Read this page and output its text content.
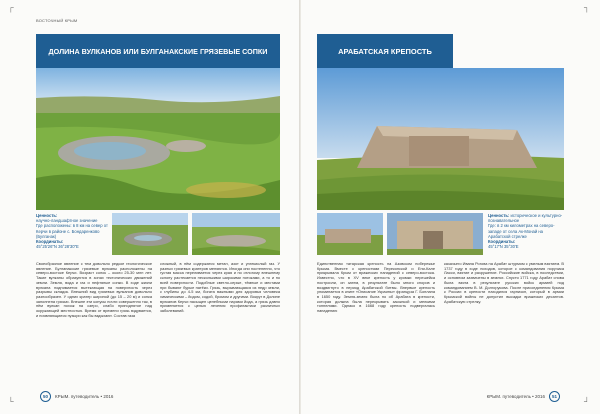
┌
└
ВОСТОЧНЫЙ КРЫМ
ДОЛИНА ВУЛКАНОВ ИЛИ БУЛГАНАКСКИЕ ГРЯЗЕВЫЕ СОПКИ
Ценность:
научно-ландшафтное значение
Где расположены: в 8 км на север от Керчи в районе с. Бондаренково (Булганак)
Координаты:
45°25'26"N 36°28'30"E
Своеобразное явление с тем довольно редкое геологическое явление. Булганакские грязевые вулканы расположены на северо-востоке Керчи. Возраст сопок – около 25-30 млн лет. Такие вулканы образуются в зонах тектонических движений земли. Земля, вода и газ и нефтяные сопки. В ходе жизни вулкана поднимается вытекающая на поверхность через разрывы складок. Внешний вид грязевых вулканов довольно разнообразен. У одних кратер шириной (до 15 – 20 м) и сопка заполнена грязью. Внешне эти конусы почти совершенно так, в нём вулкан похож на озеро, слабо приподнятое над окружающей местностью. Время от времени грязь вздувается, и появляющиеся пузыри как бы вздыхают. Состав газа
сложный, в нём содержатся метан, азот и углекислый газ. У разных грязевых кратеров меняются. Иногда они постепенно, что густая масса переливается через края и по отлогому внешнему склону растекается несколькими широкими потоками, а то и по всей поверхности. Подобные светло-серые, тёмные и местами при бывают бурые натёки. Грязь, вырывающаяся из недр земли, с глубины до 4-5 км, богата важными для здоровья человека химическими – йодом, содой, бромом и другими. Вокруг в Долине вулканов Керчи насыщен целебными парами йода, а грязь давно применяется с целью лечения профилактики различных заболеваний.
50	КРЫМ. путеводитель • 2016
┐
┘
АРАБАТСКАЯ КРЕПОСТЬ
Ценность: историческое и культурно-познавательное
Где: в 2 км километрах на северо-западе от села Ак-Монай на Арабатской стрелке
Координаты:
45°17'N 35°30'E
Единственная татарская крепость на Азовском побережье Крыма. Вместе с крепостями Перекопской и Ени-Кале прикрывала Крым от вражеских нападений с северо-востока. Известно, что в XV веке крепость у кромки перешейка построили, он затем, в результате было много споров и воздвигнуто в период Арабатской битвы. Впервые крепость упоминается в книге «Описание Украины» француза Г. Боплана в 1650 году. Земля-земля была по об Арабата в крепости, которая должна была перекрывать засыпкой и мелкими тоннелями. Однако в 1668 году крепость подвергалась нападению
казачьего Ивана Рогова на Арабат штурмом с умелым взятием. В 1737 году в ходе походов, которое с командования поручика Ласси, взятие и разрушение. Российские войска, в последствии, и основном захвачены в землях. Спустя 1771 году Арабат снова была взята в результате русских войск армией под командованием В. М. Долгорукова. После присоединения Крыма к России в крепости находился гарнизон, который в армии Крымской войны не допустил высадки вражеских десантов. Арабатскую стрелку.
КРЫМ. путеводитель • 2016	51
